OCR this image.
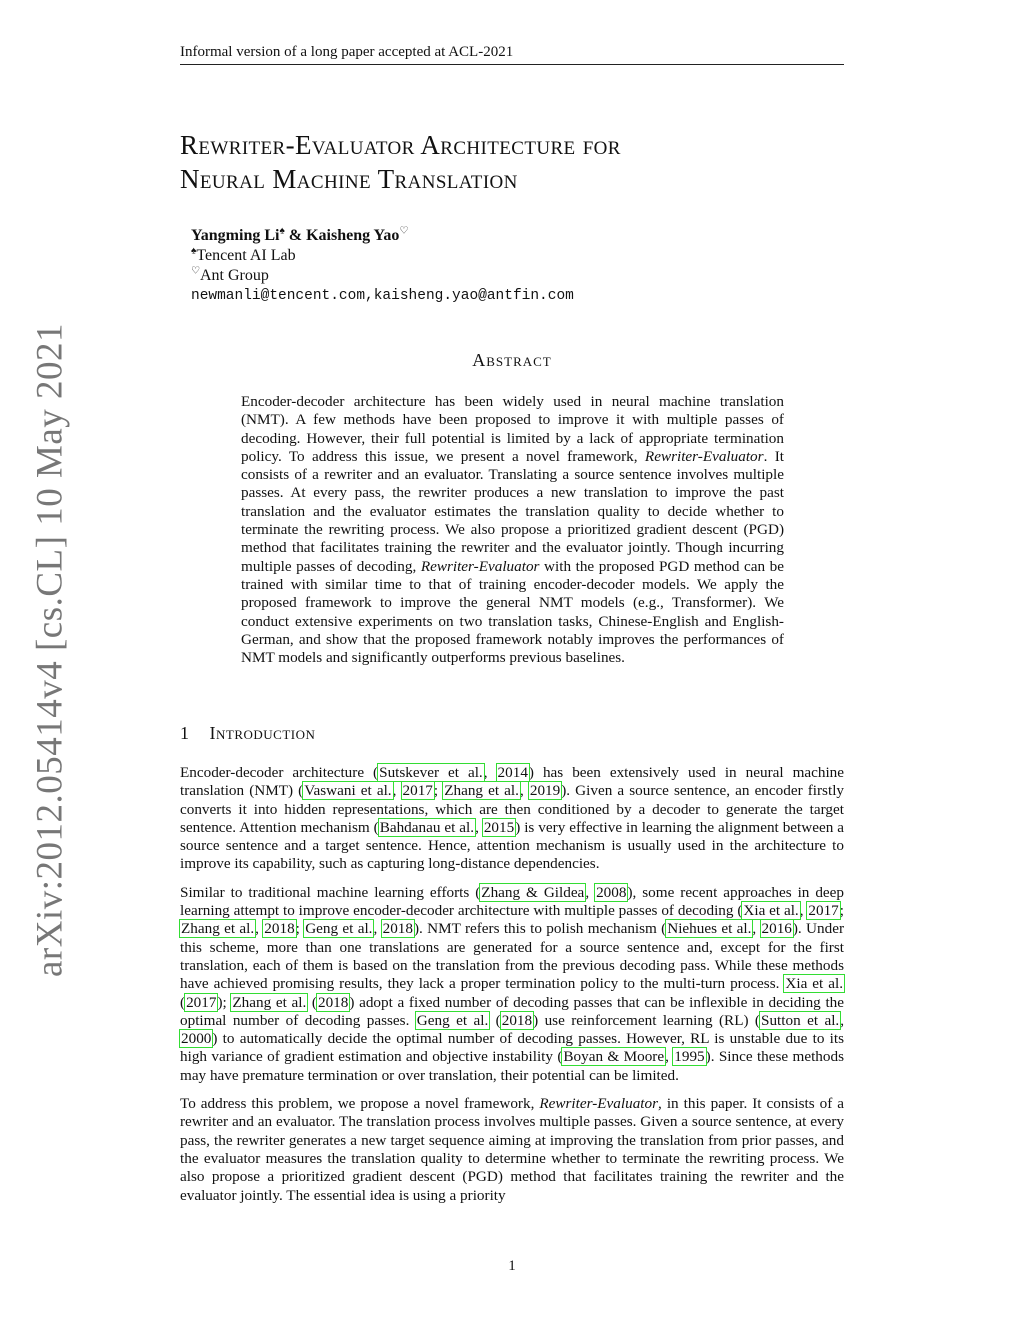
Informal version of a long paper accepted at ACL-2021
arXiv:2012.05414v4 [cs.CL] 10 May 2021
Rewriter-Evaluator Architecture for
Neural Machine Translation
Yangming Li♠ & Kaisheng Yao♡
♠Tencent AI Lab
♡Ant Group
newmanli@tencent.com,kaisheng.yao@antfin.com
Abstract
Encoder-decoder architecture has been widely used in neural machine translation (NMT). A few methods have been proposed to improve it with multiple passes of decoding. However, their full potential is limited by a lack of appropriate termination policy. To address this issue, we present a novel framework, Rewriter-Evaluator. It consists of a rewriter and an evaluator. Translating a source sentence involves multiple passes. At every pass, the rewriter produces a new translation to improve the past translation and the evaluator estimates the translation quality to decide whether to terminate the rewriting process. We also propose a prioritized gradient descent (PGD) method that facilitates training the rewriter and the evaluator jointly. Though incurring multiple passes of decoding, Rewriter-Evaluator with the proposed PGD method can be trained with similar time to that of training encoder-decoder models. We apply the proposed framework to improve the general NMT models (e.g., Transformer). We conduct extensive experiments on two translation tasks, Chinese-English and English-German, and show that the proposed framework notably improves the performances of NMT models and significantly outperforms previous baselines.
1 Introduction

Encoder-decoder architecture (Sutskever et al., 2014) has been extensively used in neural machine translation (NMT) (Vaswani et al., 2017; Zhang et al., 2019). Given a source sentence, an encoder firstly converts it into hidden representations, which are then conditioned by a decoder to generate the target sentence. Attention mechanism (Bahdanau et al., 2015) is very effective in learning the alignment between a source sentence and a target sentence. Hence, attention mechanism is usually used in the architecture to improve its capability, such as capturing long-distance dependencies.

Similar to traditional machine learning efforts (Zhang & Gildea, 2008), some recent approaches in deep learning attempt to improve encoder-decoder architecture with multiple passes of decoding (Xia et al., 2017; Zhang et al., 2018; Geng et al., 2018). NMT refers this to polish mechanism (Niehues et al., 2016). Under this scheme, more than one translations are generated for a source sentence and, except for the first translation, each of them is based on the translation from the previous decoding pass. While these methods have achieved promising results, they lack a proper termination policy to the multi-turn process. Xia et al. (2017); Zhang et al. (2018) adopt a fixed number of decoding passes that can be inflexible in deciding the optimal number of decoding passes. Geng et al. (2018) use reinforcement learning (RL) (Sutton et al., 2000) to automatically decide the optimal number of decoding passes. However, RL is unstable due to its high variance of gradient estimation and objective instability (Boyan & Moore, 1995). Since these methods may have premature termination or over translation, their potential can be limited.

To address this problem, we propose a novel framework, Rewriter-Evaluator, in this paper. It consists of a rewriter and an evaluator. The translation process involves multiple passes. Given a source sentence, at every pass, the rewriter generates a new target sequence aiming at improving the translation from prior passes, and the evaluator measures the translation quality to determine whether to terminate the rewriting process. We also propose a prioritized gradient descent (PGD) method that facilitates training the rewriter and the evaluator jointly. The essential idea is using a priority

1
